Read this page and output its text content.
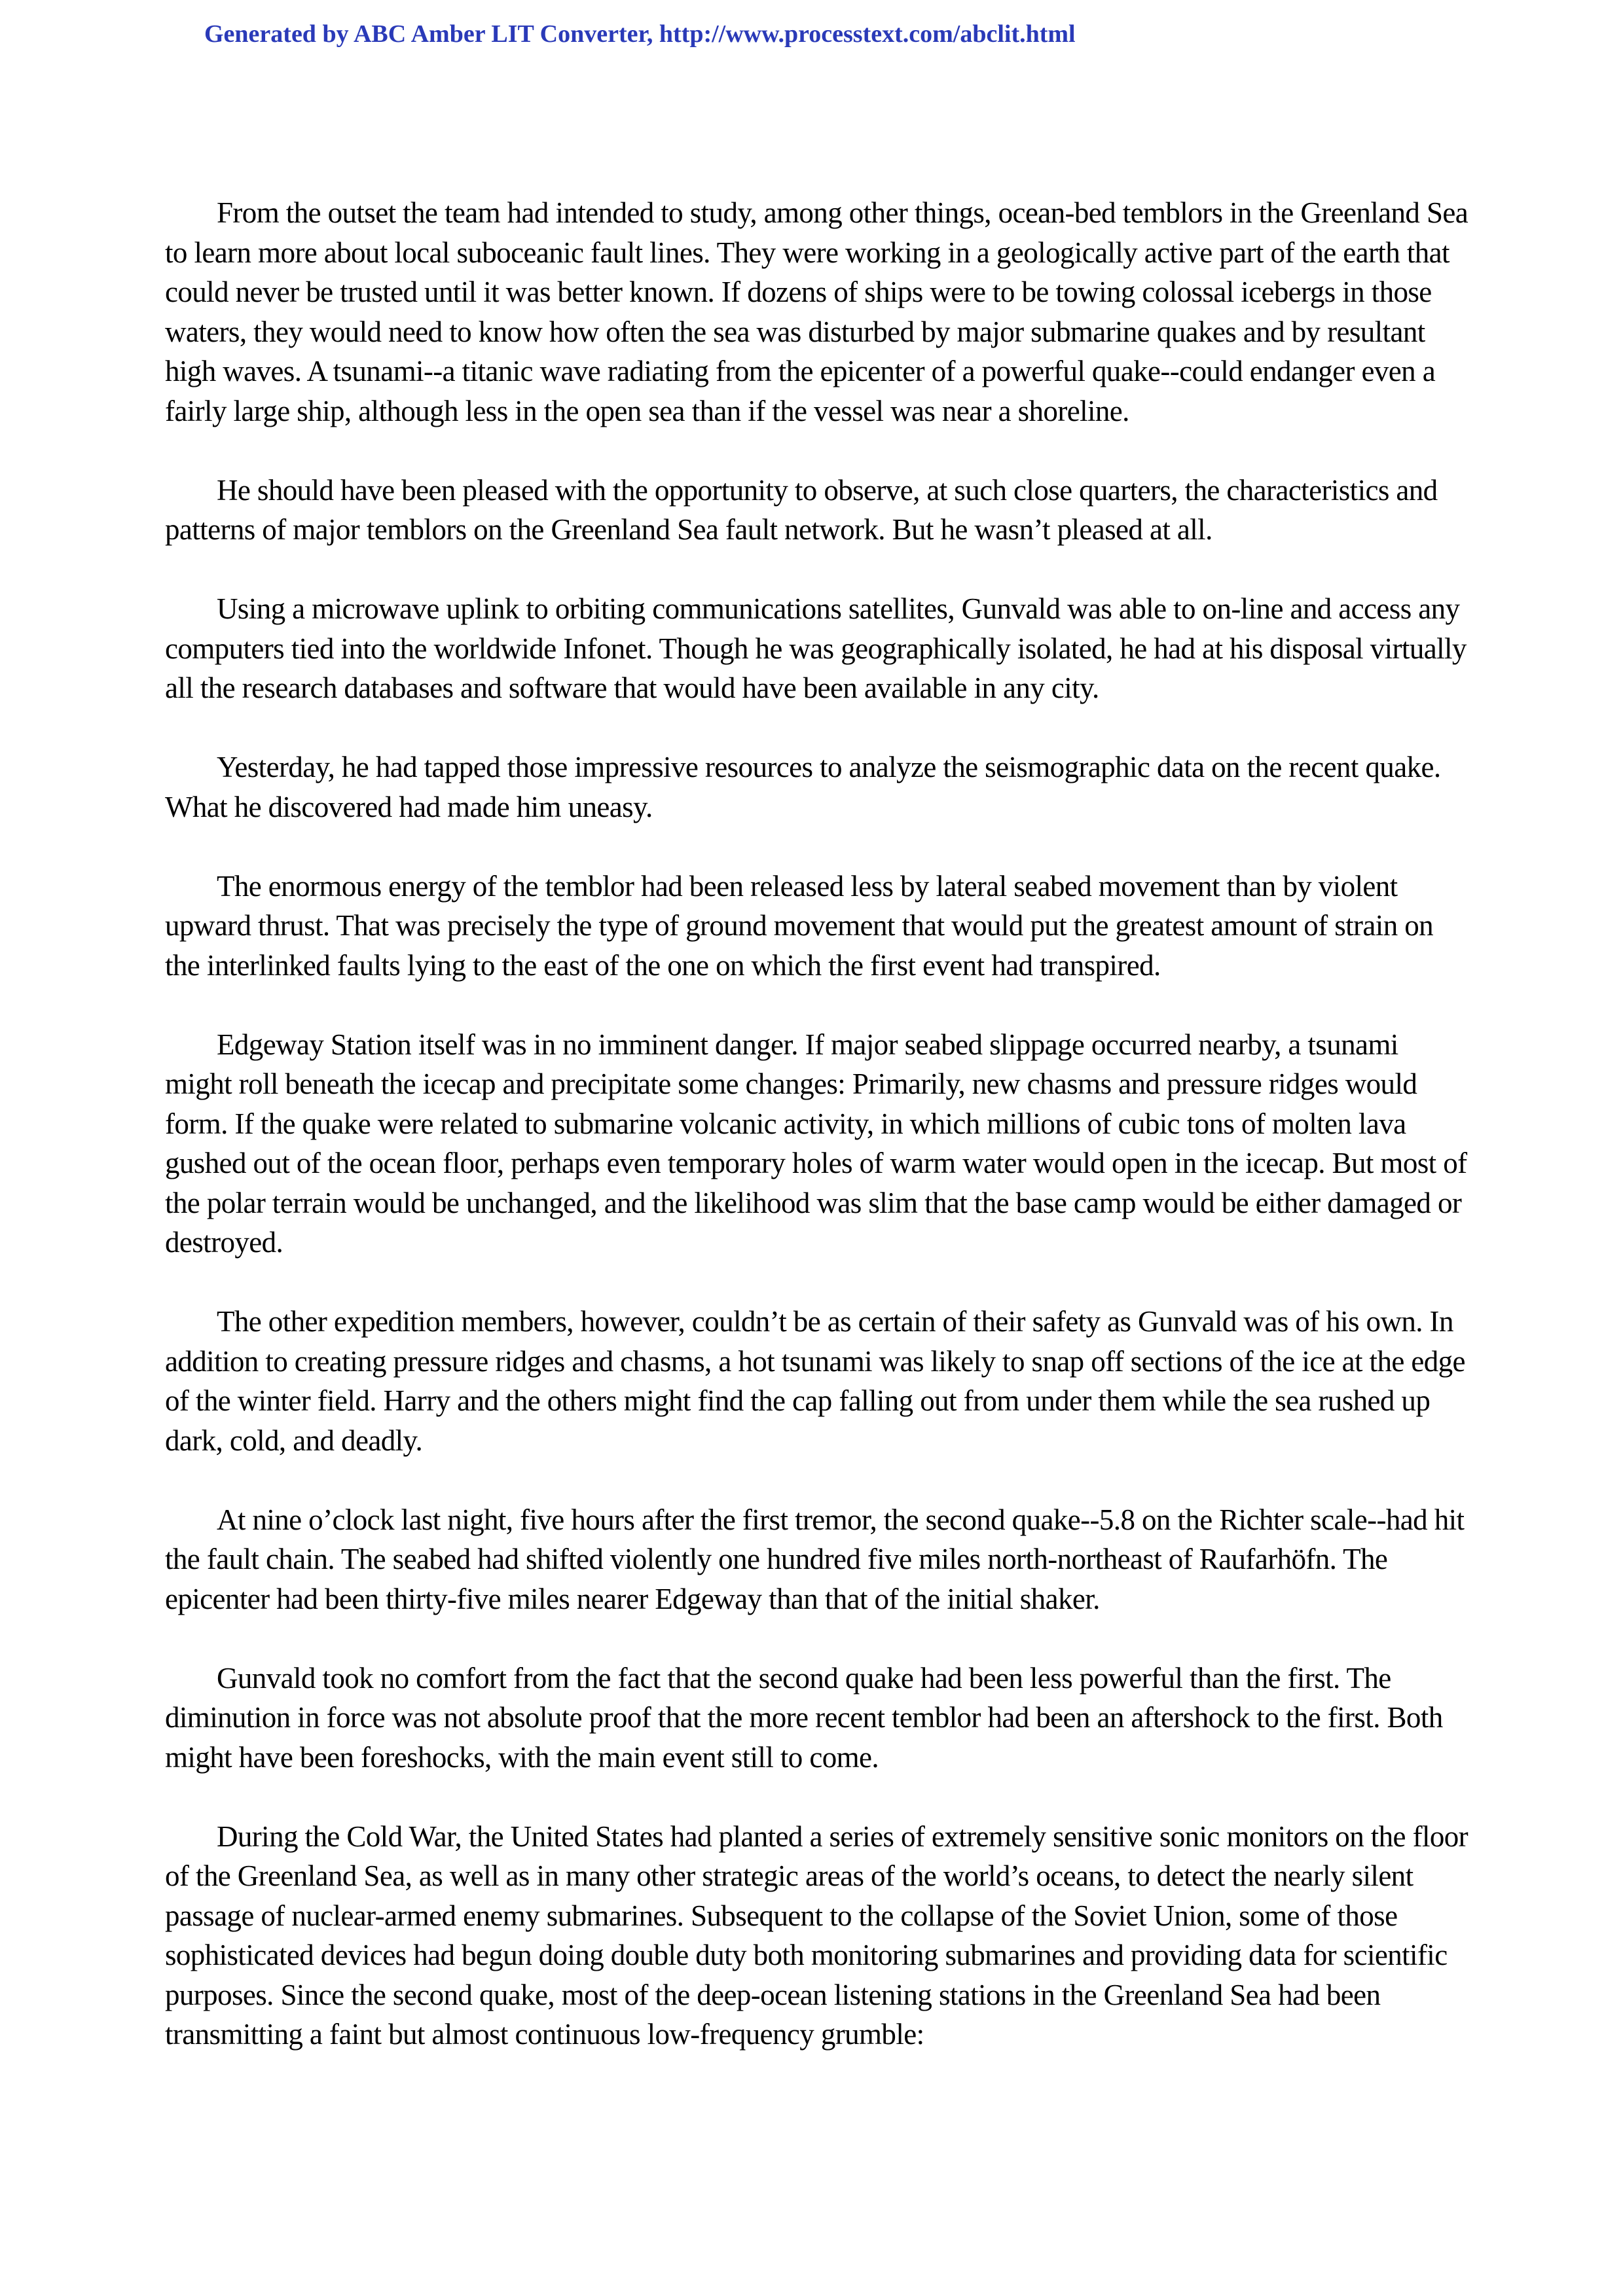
Generated by ABC Amber LIT Converter, http://www.processtext.com/abclit.html

From the outset the team had intended to study, among other things, ocean-bed temblors in the Greenland Sea to learn more about local suboceanic fault lines. They were working in a geologically active part of the earth that could never be trusted until it was better known. If dozens of ships were to be towing colossal icebergs in those waters, they would need to know how often the sea was disturbed by major submarine quakes and by resultant high waves. A tsunami--a titanic wave radiating from the epicenter of a powerful quake--could endanger even a fairly large ship, although less in the open sea than if the vessel was near a shoreline.

He should have been pleased with the opportunity to observe, at such close quarters, the characteristics and patterns of major temblors on the Greenland Sea fault network. But he wasn’t pleased at all.

Using a microwave uplink to orbiting communications satellites, Gunvald was able to on-line and access any computers tied into the worldwide Infonet. Though he was geographically isolated, he had at his disposal virtually all the research databases and software that would have been available in any city.

Yesterday, he had tapped those impressive resources to analyze the seismographic data on the recent quake. What he discovered had made him uneasy.

The enormous energy of the temblor had been released less by lateral seabed movement than by violent upward thrust. That was precisely the type of ground movement that would put the greatest amount of strain on the interlinked faults lying to the east of the one on which the first event had transpired.

Edgeway Station itself was in no imminent danger. If major seabed slippage occurred nearby, a tsunami might roll beneath the icecap and precipitate some changes: Primarily, new chasms and pressure ridges would form. If the quake were related to submarine volcanic activity, in which millions of cubic tons of molten lava gushed out of the ocean floor, perhaps even temporary holes of warm water would open in the icecap. But most of the polar terrain would be unchanged, and the likelihood was slim that the base camp would be either damaged or destroyed.

The other expedition members, however, couldn’t be as certain of their safety as Gunvald was of his own. In addition to creating pressure ridges and chasms, a hot tsunami was likely to snap off sections of the ice at the edge of the winter field. Harry and the others might find the cap falling out from under them while the sea rushed up dark, cold, and deadly.

At nine o’clock last night, five hours after the first tremor, the second quake--5.8 on the Richter scale--had hit the fault chain. The seabed had shifted violently one hundred five miles north-northeast of Raufarhöfn. The epicenter had been thirty-five miles nearer Edgeway than that of the initial shaker.

Gunvald took no comfort from the fact that the second quake had been less powerful than the first. The diminution in force was not absolute proof that the more recent temblor had been an aftershock to the first. Both might have been foreshocks, with the main event still to come.

During the Cold War, the United States had planted a series of extremely sensitive sonic monitors on the floor of the Greenland Sea, as well as in many other strategic areas of the world’s oceans, to detect the nearly silent passage of nuclear-armed enemy submarines. Subsequent to the collapse of the Soviet Union, some of those sophisticated devices had begun doing double duty both monitoring submarines and providing data for scientific purposes. Since the second quake, most of the deep-ocean listening stations in the Greenland Sea had been transmitting a faint but almost continuous low-frequency grumble:
